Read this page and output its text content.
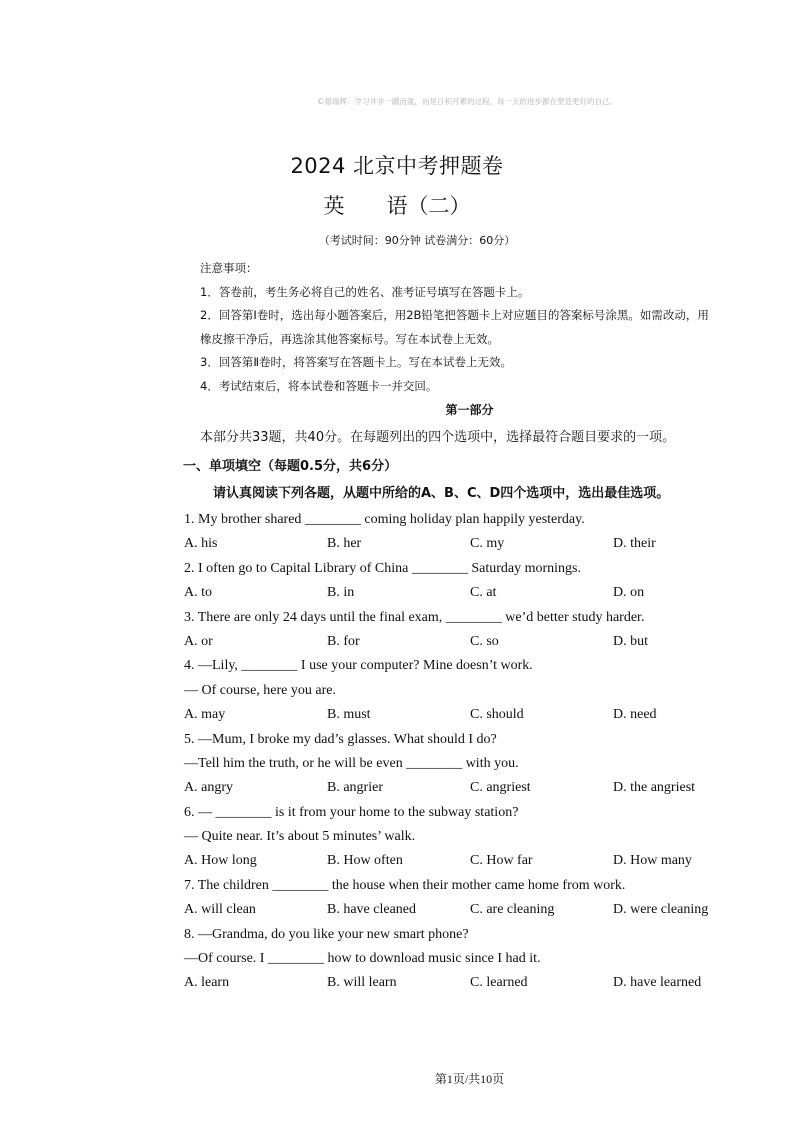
©德瑞辉：学习并非一蹴而就，而是日积月累的过程，每一天的进步都在塑造更好的自己。
2024 北京中考押题卷
英　　语（二）
（考试时间：90分钟 试卷满分：60分）

注意事项：

1．答卷前，考生务必将自己的姓名、准考证号填写在答题卡上。

2．回答第Ⅰ卷时，选出每小题答案后，用2B铅笔把答题卡上对应题目的答案标号涂黑。如需改动，用

橡皮擦干净后，再选涂其他答案标号。写在本试卷上无效。

3．回答第Ⅱ卷时，将答案写在答题卡上。写在本试卷上无效。

4．考试结束后，将本试卷和答题卡一并交回。

第一部分
本部分共33题，共40分。在每题列出的四个选项中，选择最符合题目要求的一项。
一、单项填空（每题0.5分，共6分）
请认真阅读下列各题，从题中所给的A、B、C、D四个选项中，选出最佳选项。
1. My brother shared ________ coming holiday plan happily yesterday.
A. his	B. her	C. my	D. their
2. I often go to Capital Library of China ________ Saturday mornings.
A. to	B. in	C. at	D. on
3. There are only 24 days until the final exam, ________ we’d better study harder.
A. or	B. for	C. so	D. but
4. —Lily, ________ I use your computer? Mine doesn’t work.
— Of course, here you are.
A. may	B. must	C. should	D. need
5. —Mum, I broke my dad’s glasses. What should I do?
—Tell him the truth, or he will be even ________ with you.
A. angry	B. angrier	C. angriest	D. the angriest
6. — ________ is it from your home to the subway station?
— Quite near. It’s about 5 minutes’ walk.
A. How long	B. How often	C. How far	D. How many
7. The children ________ the house when their mother came home from work.
A. will clean	B. have cleaned	C. are cleaning	D. were cleaning
8. —Grandma, do you like your new smart phone?
—Of course. I ________ how to download music since I had it.
A. learn	B. will learn	C. learned	D. have learned
第1页/共10页
